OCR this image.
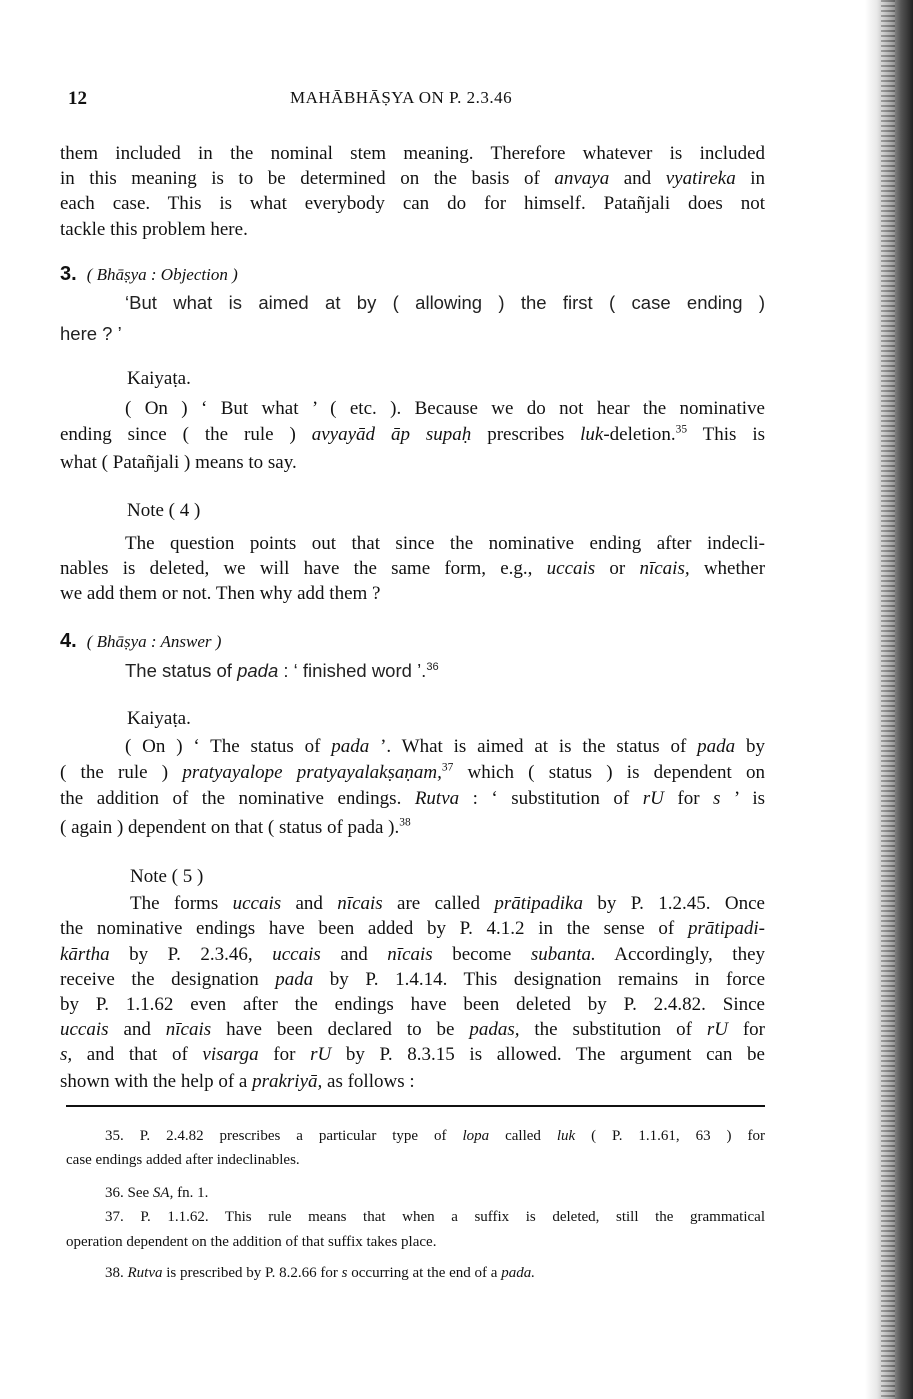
12	MAHĀBHĀṢYA ON P. 2.3.46
them included in the nominal stem meaning. Therefore whatever is included
in this meaning is to be determined on the basis of anvaya and vyatireka in
each case. This is what everybody can do for himself. Patañjali does not
tackle this problem here.
3. ( Bhāṣya : Objection )
‘But what is aimed at by ( allowing ) the first ( case ending )
here ? ’
Kaiyaṭa.
( On ) ‘ But what ’ ( etc. ). Because we do not hear the nominative
ending since ( the rule ) avyayād āp supaḥ prescribes luk-deletion.$^{35}$ This is
what ( Patañjali ) means to say.
Note ( 4 )
The question points out that since the nominative ending after indecli-
nables is deleted, we will have the same form, e.g., uccais or nīcais, whether
we add them or not. Then why add them ?
4. ( Bhāṣya : Answer )
The status of pada : ‘ finished word ’.$^{36}$
Kaiyaṭa.
( On ) ‘ The status of pada ’. What is aimed at is the status of pada by
( the rule ) pratyayalope pratyayalakṣaṇam,$^{37}$ which ( status ) is dependent on
the addition of the nominative endings. Rutva : ‘ substitution of rU for s ’ is
( again ) dependent on that ( status of pada ).$^{38}$
Note ( 5 )
The forms uccais and nīcais are called prātipadika by P. 1.2.45. Once
the nominative endings have been added by P. 4.1.2 in the sense of prātipadi-
kārtha by P. 2.3.46, uccais and nīcais become subanta. Accordingly, they
receive the designation pada by P. 1.4.14. This designation remains in force
by P. 1.1.62 even after the endings have been deleted by P. 2.4.82. Since
uccais and nīcais have been declared to be padas, the substitution of rU for
s, and that of visarga for rU by P. 8.3.15 is allowed. The argument can be
shown with the help of a prakriyā, as follows :
35. P. 2.4.82 prescribes a particular type of lopa called luk ( P. 1.1.61, 63 ) for
case endings added after indeclinables.
36. See SA, fn. 1.
37. P. 1.1.62. This rule means that when a suffix is deleted, still the grammatical
operation dependent on the addition of that suffix takes place.
38. Rutva is prescribed by P. 8.2.66 for s occurring at the end of a pada.
